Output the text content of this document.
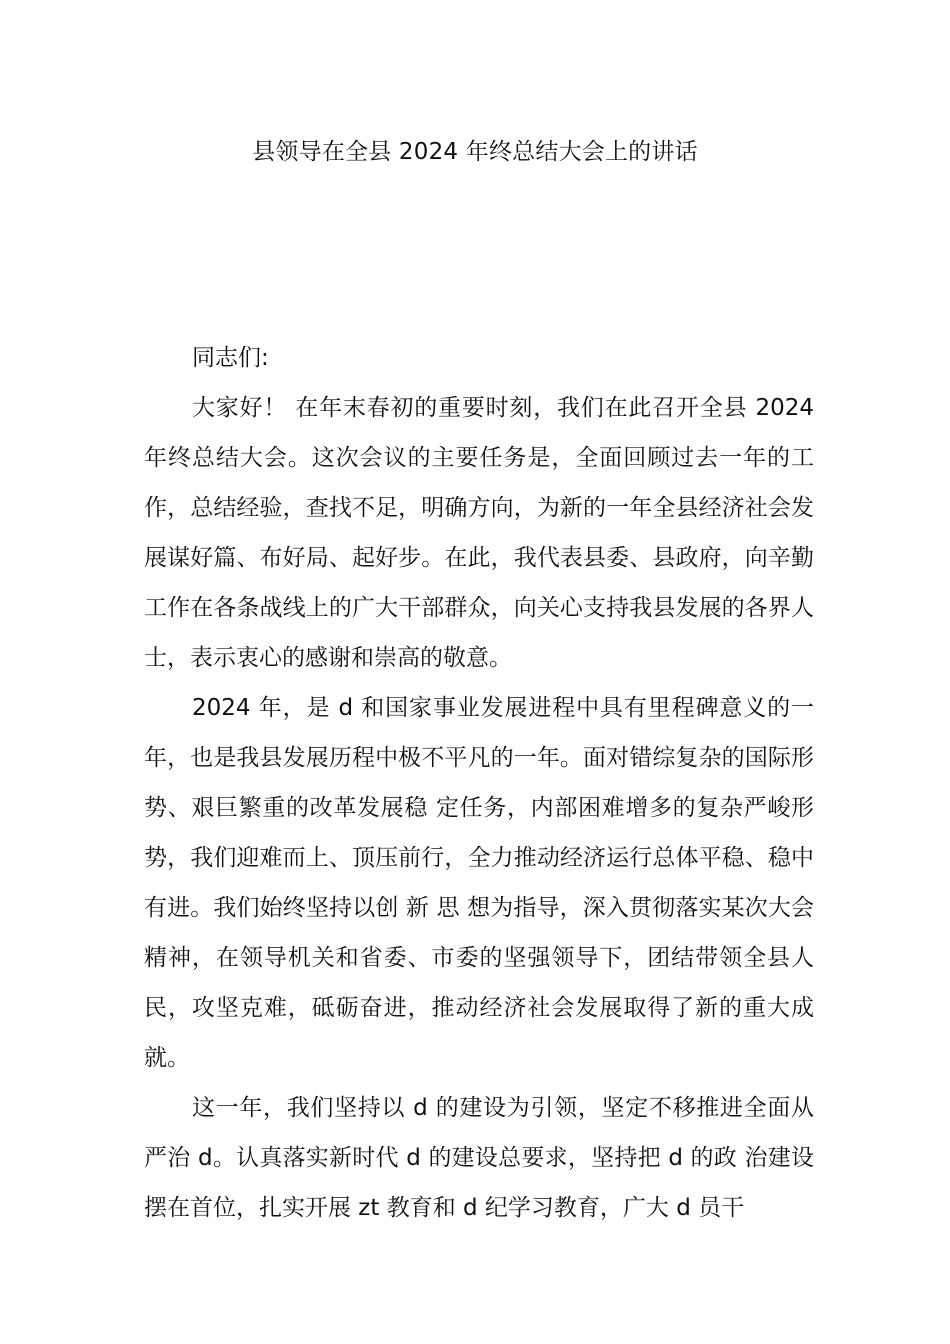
县领导在全县 2024 年终总结大会上的讲话

同志们:

大家好！ 在年末春初的重要时刻，我们在此召开全县 2024 年终总结大会。这次会议的主要任务是，全面回顾过去一年的工作，总结经验，查找不足，明确方向，为新的一年全县经济社会发展谋好篇、布好局、起好步。在此，我代表县委、县政府，向辛勤工作在各条战线上的广大干部群众，向关心支持我县发展的各界人士，表示衷心的感谢和崇高的敬意。

2024 年，是 d 和国家事业发展进程中具有里程碑意义的一年，也是我县发展历程中极不平凡的一年。面对错综复杂的国际形势、艰巨繁重的改革发展稳 定任务，内部困难增多的复杂严峻形势，我们迎难而上、顶压前行，全力推动经济运行总体平稳、稳中有进。我们始终坚持以创 新 思 想为指导，深入贯彻落实某次大会精神，在领导机关和省委、市委的坚强领导下，团结带领全县人民，攻坚克难，砥砺奋进，推动经济社会发展取得了新的重大成就。

这一年，我们坚持以 d 的建设为引领，坚定不移推进全面从严治 d。认真落实新时代 d 的建设总要求，坚持把 d 的政 治建设摆在首位，扎实开展 zt 教育和 d 纪学习教育，广大 d 员干
